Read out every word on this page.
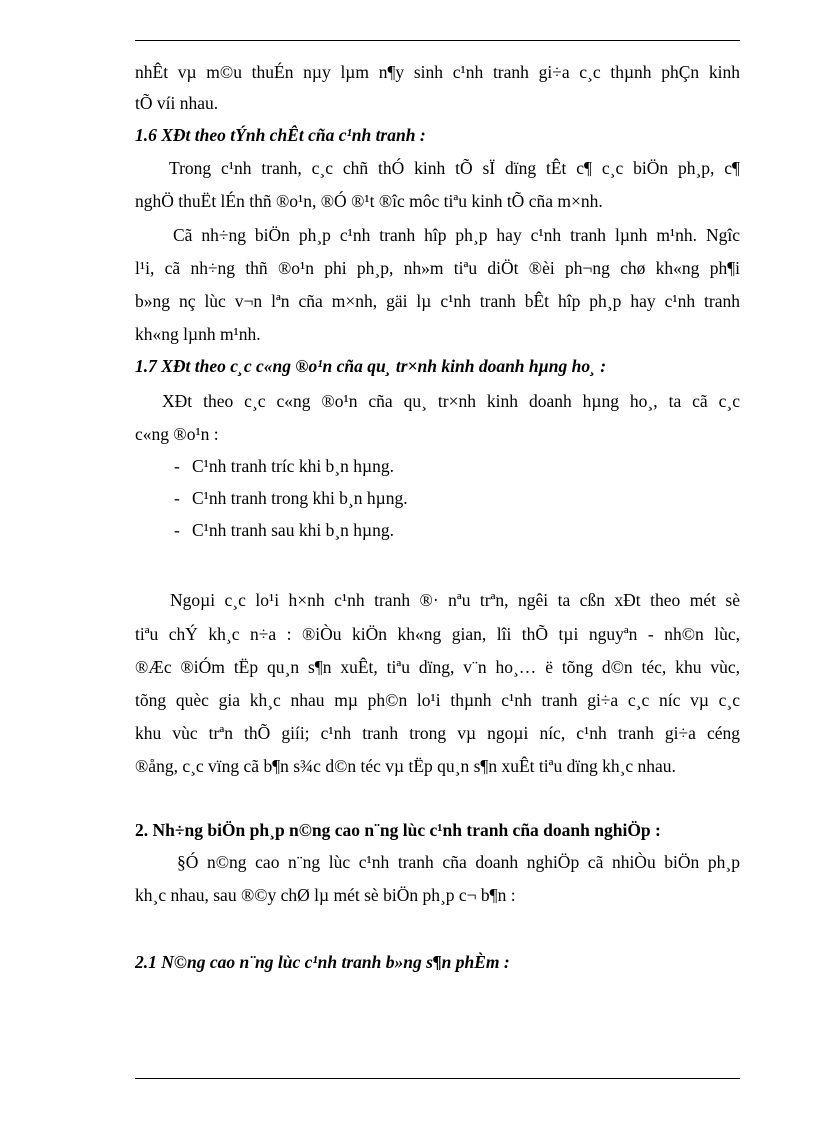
nhÊt vµ m©u thuÉn nµy lµm n¶y sinh c¹nh tranh gi÷a c¸c thµnh phÇn kinh
tÕ víi nhau.
1.6 XÐt theo tÝnh chÊt cña c¹nh tranh :
Trong c¹nh tranh, c¸c chñ thÓ kinh tÕ sÏ dïng tÊt c¶ c¸c biÖn ph¸p, c¶
nghÖ thuËt lÉn thñ ®o¹n, ®Ó ®¹t ®îc môc tiªu kinh tÕ cña m×nh.
Cã nh÷ng biÖn ph¸p c¹nh tranh hîp ph¸p hay c¹nh tranh lµnh m¹nh. Ngîc
l¹i, cã nh÷ng thñ ®o¹n phi ph¸p, nh»m tiªu diÖt ®èi ph¬ng chø kh«ng ph¶i
b»ng nç lùc v¬n lªn cña m×nh, gäi lµ c¹nh tranh bÊt hîp ph¸p hay c¹nh tranh
kh«ng lµnh m¹nh.
1.7 XÐt theo c¸c c«ng ®o¹n cña qu¸ tr×nh kinh doanh hµng ho¸ :
XÐt theo c¸c c«ng ®o¹n cña qu¸ tr×nh kinh doanh hµng ho¸, ta cã c¸c
c«ng ®o¹n :
- C¹nh tranh tríc khi b¸n hµng.
- C¹nh tranh trong khi b¸n hµng.
- C¹nh tranh sau khi b¸n hµng.
Ngoµi c¸c lo¹i h×nh c¹nh tranh ®· nªu trªn, ngêi ta cßn xÐt theo mét sè
tiªu chÝ kh¸c n÷a : ®iÒu kiÖn kh«ng gian, lîi thÕ tµi nguyªn - nh©n lùc,
®Æc ®iÓm tËp qu¸n s¶n xuÊt, tiªu dïng, v¨n ho¸… ë tõng d©n téc, khu vùc,
tõng quèc gia kh¸c nhau mµ ph©n lo¹i thµnh c¹nh tranh gi÷a c¸c níc vµ c¸c
khu vùc trªn thÕ giíi; c¹nh tranh trong vµ ngoµi níc, c¹nh tranh gi÷a céng
®ång, c¸c vïng cã b¶n s¾c d©n téc vµ tËp qu¸n s¶n xuÊt tiªu dïng kh¸c nhau.
2. Nh÷ng biÖn ph¸p n©ng cao n¨ng lùc c¹nh tranh cña doanh nghiÖp :
§Ó n©ng cao n¨ng lùc c¹nh tranh cña doanh nghiÖp cã nhiÒu biÖn ph¸p
kh¸c nhau, sau ®©y chØ lµ mét sè biÖn ph¸p c¬ b¶n :
2.1 N©ng cao n¨ng lùc c¹nh tranh b»ng s¶n phÈm :
